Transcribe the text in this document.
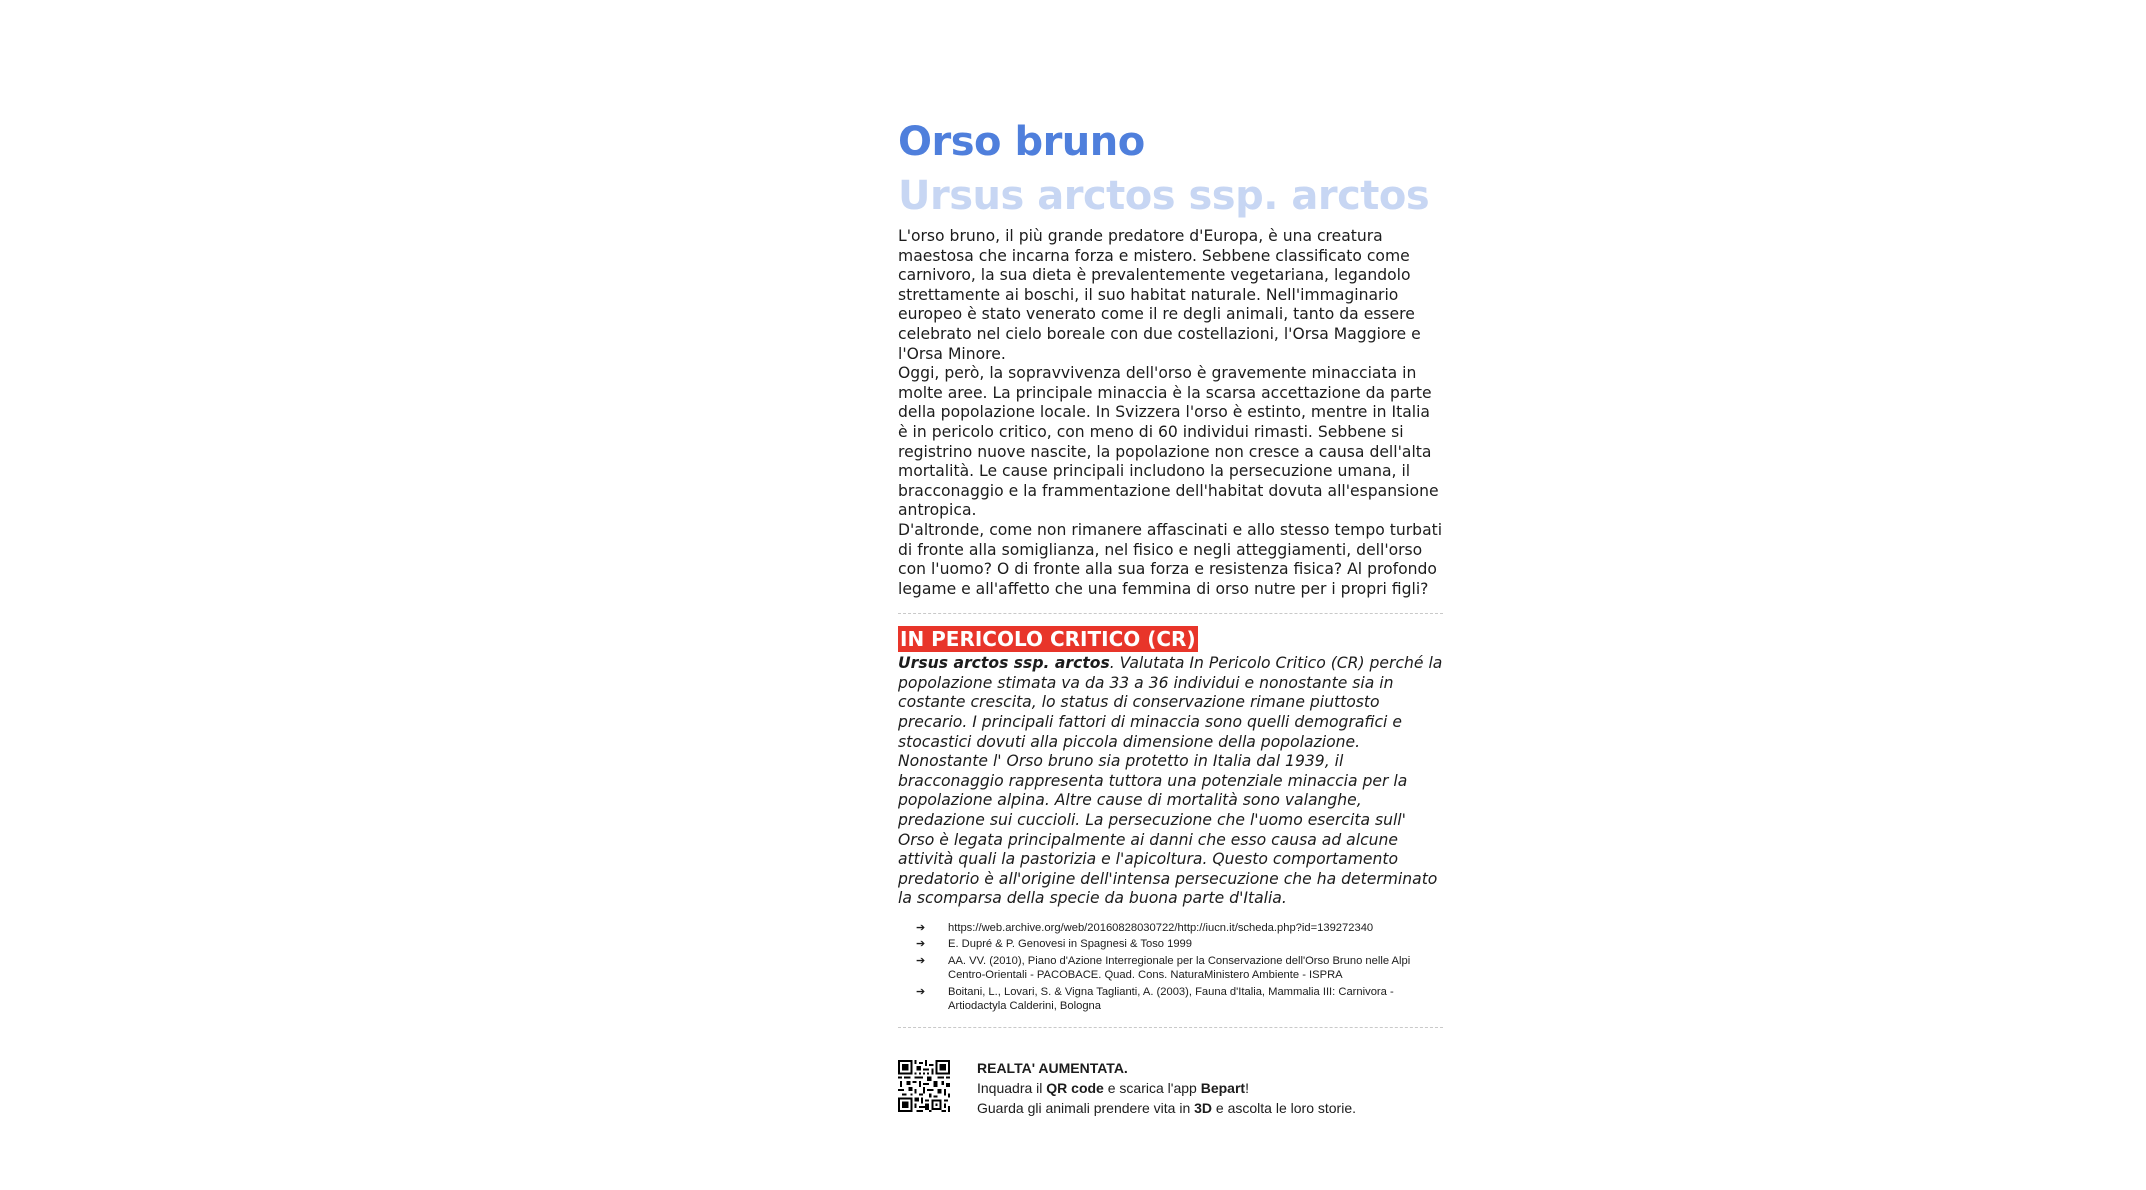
Orso bruno
Ursus arctos ssp. arctos

L'orso bruno, il più grande predatore d'Europa, è una creatura maestosa che incarna forza e mistero. Sebbene classificato come carnivoro, la sua dieta è prevalentemente vegetariana, legandolo strettamente ai boschi, il suo habitat naturale. Nell'immaginario europeo è stato venerato come il re degli animali, tanto da essere celebrato nel cielo boreale con due costellazioni, l'Orsa Maggiore e l'Orsa Minore.

Oggi, però, la sopravvivenza dell'orso è gravemente minacciata in molte aree. La principale minaccia è la scarsa accettazione da parte della popolazione locale. In Svizzera l'orso è estinto, mentre in Italia è in pericolo critico, con meno di 60 individui rimasti. Sebbene si registrino nuove nascite, la popolazione non cresce a causa dell'alta mortalità. Le cause principali includono la persecuzione umana, il bracconaggio e la frammentazione dell'habitat dovuta all'espansione antropica.

D'altronde, come non rimanere affascinati e allo stesso tempo turbati di fronte alla somiglianza, nel fisico e negli atteggiamenti, dell'orso con l'uomo? O di fronte alla sua forza e resistenza fisica? Al profondo legame e all'affetto che una femmina di orso nutre per i propri figli?

IN PERICOLO CRITICO (CR)

Ursus arctos ssp. arctos. Valutata In Pericolo Critico (CR) perché la popolazione stimata va da 33 a 36 individui e nonostante sia in costante crescita, lo status di conservazione rimane piuttosto precario. I principali fattori di minaccia sono quelli demografici e stocastici dovuti alla piccola dimensione della popolazione. Nonostante l' Orso bruno sia protetto in Italia dal 1939, il bracconaggio rappresenta tuttora una potenziale minaccia per la popolazione alpina. Altre cause di mortalità sono valanghe, predazione sui cuccioli. La persecuzione che l'uomo esercita sull' Orso è legata principalmente ai danni che esso causa ad alcune attività quali la pastorizia e l'apicoltura. Questo comportamento predatorio è all'origine dell'intensa persecuzione che ha determinato la scomparsa della specie da buona parte d'Italia.

➔ https://web.archive.org/web/20160828030722/http://iucn.it/scheda.php?id=139272340
➔ E. Dupré & P. Genovesi in Spagnesi & Toso 1999
➔ AA. VV. (2010), Piano d'Azione Interregionale per la Conservazione dell'Orso Bruno nelle Alpi Centro-Orientali - PACOBACE. Quad. Cons. NaturaMinistero Ambiente - ISPRA
➔ Boitani, L., Lovari, S. & Vigna Taglianti, A. (2003), Fauna d'Italia, Mammalia III: Carnivora - Artiodactyla Calderini, Bologna
REALTA' AUMENTATA.
Inquadra il QR code e scarica l'app Bepart!
Guarda gli animali prendere vita in 3D e ascolta le loro storie.
